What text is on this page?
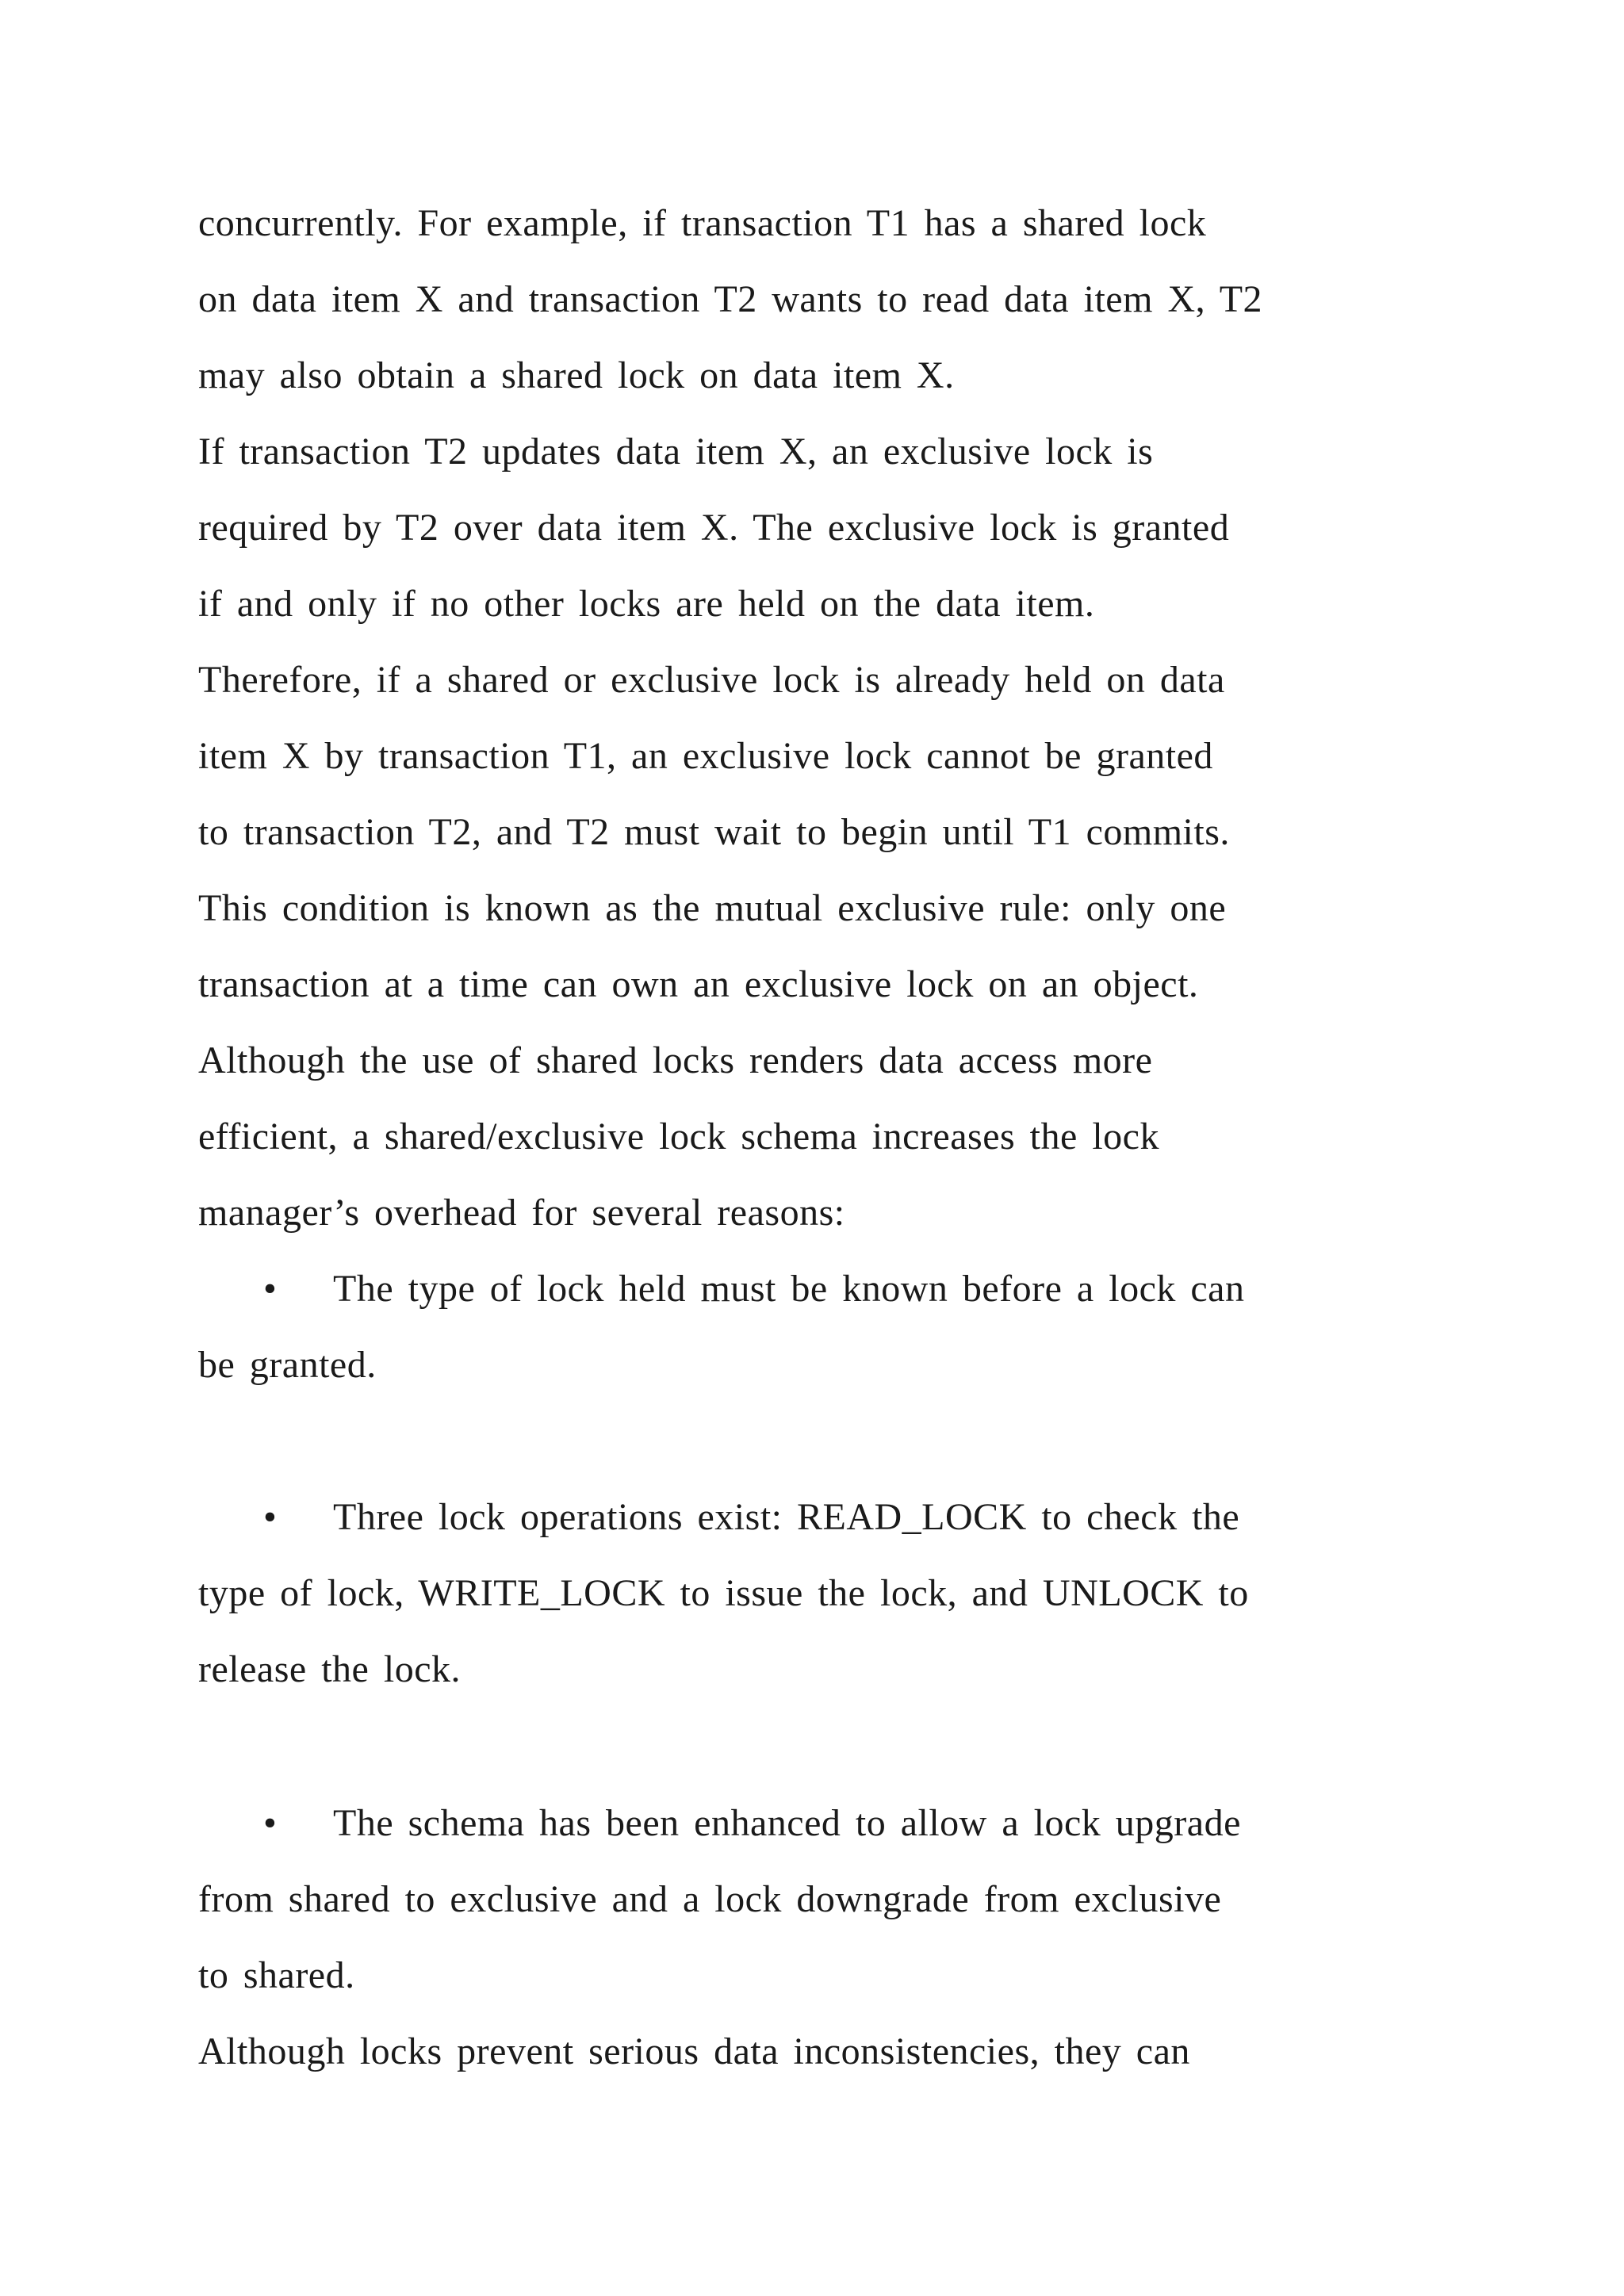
concurrently. For example, if transaction T1 has a shared lock

on data item X and transaction T2 wants to read data item X, T2

may also obtain a shared lock on data item X.

If transaction T2 updates data item X, an exclusive lock is

required by T2 over data item X. The exclusive lock is granted

if and only if no other locks are held on the data item.

Therefore, if a shared or exclusive lock is already held on data

item X by transaction T1, an exclusive lock cannot be granted

to transaction T2, and T2 must wait to begin until T1 commits.

This condition is known as the mutual exclusive rule: only one

transaction at a time can own an exclusive lock on an object.

Although the use of shared locks renders data access more

efficient, a shared/exclusive lock schema increases the lock

manager’s overhead for several reasons:

• The type of lock held must be known before a lock can

be granted.

• Three lock operations exist: READ_LOCK to check the

type of lock, WRITE_LOCK to issue the lock, and UNLOCK to

release the lock.

• The schema has been enhanced to allow a lock upgrade

from shared to exclusive and a lock downgrade from exclusive

to shared.

Although locks prevent serious data inconsistencies, they can
